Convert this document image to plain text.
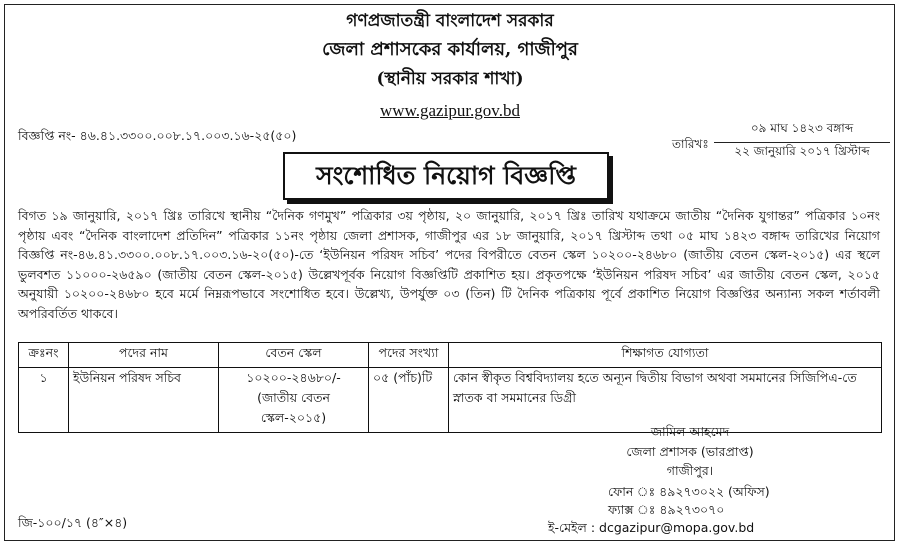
গণপ্রজাতন্ত্রী বাংলাদেশ সরকার
জেলা প্রশাসকের কার্যালয়, গাজীপুর
(স্থানীয় সরকার শাখা)
www.gazipur.gov.bd
বিজ্ঞপ্তি নং- ৪৬.৪১.৩৩০০.০০৮.১৭.০০৩.১৬-২৫(৫০)
তারিখঃ
০৯ মাঘ ১৪২৩ বঙ্গাব্দ
২২ জানুয়ারি ২০১৭ খ্রিস্টাব্দ
সংশোধিত নিয়োগ বিজ্ঞপ্তি
বিগত ১৯ জানুয়ারি, ২০১৭ খ্রিঃ তারিখে স্থানীয় “দৈনিক গণমুখ” পত্রিকার ৩য় পৃষ্ঠায়, ২০ জানুয়ারি, ২০১৭ খ্রিঃ তারিখ যথাক্রমে জাতীয় “দৈনিক যুগান্তর” পত্রিকার ১০নং পৃষ্ঠায় এবং “দৈনিক বাংলাদেশ প্রতিদিন” পত্রিকার ১১নং পৃষ্ঠায় জেলা প্রশাসক, গাজীপুর এর ১৮ জানুয়ারি, ২০১৭ খ্রিস্টাব্দ তথা ০৫ মাঘ ১৪২৩ বঙ্গাব্দ তারিখের নিয়োগ বিজ্ঞপ্তি নং-৪৬.৪১.৩৩০০.০০৮.১৭.০০৩.১৬-২০(৫০)-তে ‘ইউনিয়ন পরিষদ সচিব’ পদের বিপরীতে বেতন স্কেল ১০২০০-২৪৬৮০ (জাতীয় বেতন স্কেল-২০১৫) এর স্থলে ভুলবশত ১১০০০-২৬৫৯০ (জাতীয় বেতন স্কেল-২০১৫) উল্লেখপূর্বক নিয়োগ বিজ্ঞপ্তিটি প্রকাশিত হয়। প্রকৃতপক্ষে ‘ইউনিয়ন পরিষদ সচিব’ এর জাতীয় বেতন স্কেল, ২০১৫ অনুযায়ী ১০২০০-২৪৬৮০ হবে মর্মে নিম্নরূপভাবে সংশোধিত হবে। উল্লেখ্য, উপর্যুক্ত ০৩ (তিন) টি দৈনিক পত্রিকায় পূর্বে প্রকাশিত নিয়োগ বিজ্ঞপ্তির অন্যান্য সকল শর্তাবলী অপরিবর্তিত থাকবে।
ক্রঃনং	পদের নাম	বেতন স্কেল	পদের সংখ্যা	শিক্ষাগত যোগ্যতা
১	ইউনিয়ন পরিষদ সচিব	১০২০০-২৪৬৮০/-
(জাতীয় বেতন স্কেল-২০১৫)	০৫ (পাঁচ)টি	কোন স্বীকৃত বিশ্ববিদ্যালয় হতে অন্যূন দ্বিতীয় বিভাগ অথবা সমমানের সিজিপিএ-তে স্নাতক বা সমমানের ডিগ্রী
জামিল আহমেদ
জেলা প্রশাসক (ভারপ্রাপ্ত)
গাজীপুর।
ফোন ঃ ৪৯২৭৩০২২ (অফিস)
ফ্যাক্স ঃ ৪৯২৭৩০৭০
ই-মেইল : dcgazipur@mopa.gov.bd
জি-১০০/১৭ (৪″×৪)
